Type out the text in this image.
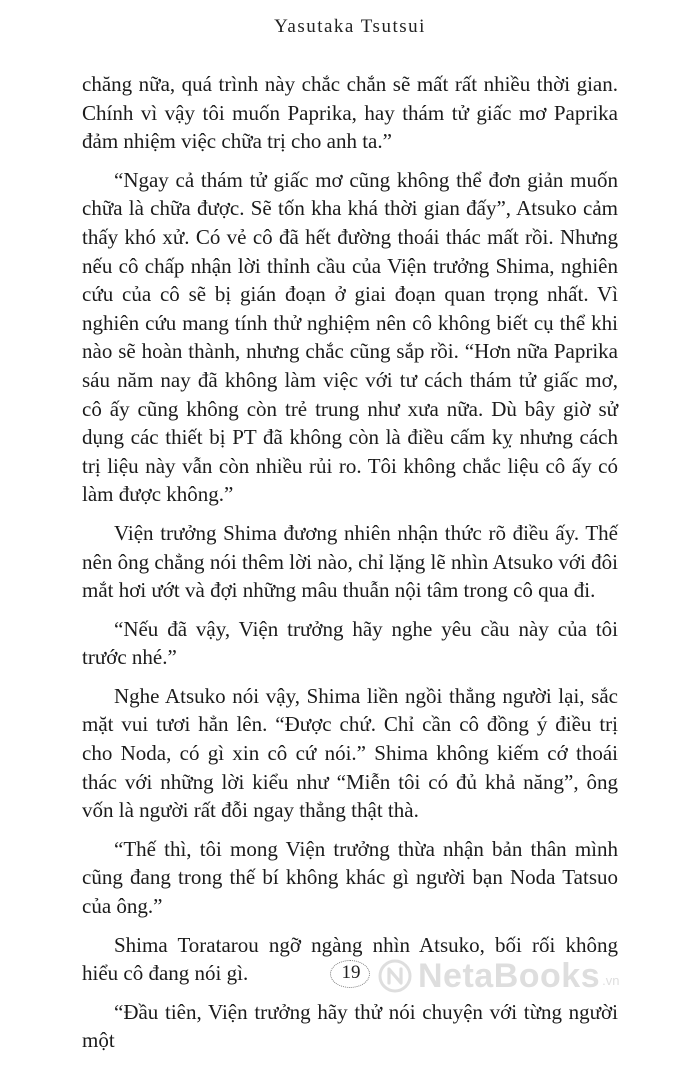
Yasutaka Tsutsui

chăng nữa, quá trình này chắc chắn sẽ mất rất nhiều thời gian. Chính vì vậy tôi muốn Paprika, hay thám tử giấc mơ Paprika đảm nhiệm việc chữa trị cho anh ta.”

“Ngay cả thám tử giấc mơ cũng không thể đơn giản muốn chữa là chữa được. Sẽ tốn kha khá thời gian đấy”, Atsuko cảm thấy khó xử. Có vẻ cô đã hết đường thoái thác mất rồi. Nhưng nếu cô chấp nhận lời thỉnh cầu của Viện trưởng Shima, nghiên cứu của cô sẽ bị gián đoạn ở giai đoạn quan trọng nhất. Vì nghiên cứu mang tính thử nghiệm nên cô không biết cụ thể khi nào sẽ hoàn thành, nhưng chắc cũng sắp rồi. “Hơn nữa Paprika sáu năm nay đã không làm việc với tư cách thám tử giấc mơ, cô ấy cũng không còn trẻ trung như xưa nữa. Dù bây giờ sử dụng các thiết bị PT đã không còn là điều cấm kỵ nhưng cách trị liệu này vẫn còn nhiều rủi ro. Tôi không chắc liệu cô ấy có làm được không.”

Viện trưởng Shima đương nhiên nhận thức rõ điều ấy. Thế nên ông chẳng nói thêm lời nào, chỉ lặng lẽ nhìn Atsuko với đôi mắt hơi ướt và đợi những mâu thuẫn nội tâm trong cô qua đi.

“Nếu đã vậy, Viện trưởng hãy nghe yêu cầu này của tôi trước nhé.”

Nghe Atsuko nói vậy, Shima liền ngồi thẳng người lại, sắc mặt vui tươi hẳn lên. “Được chứ. Chỉ cần cô đồng ý điều trị cho Noda, có gì xin cô cứ nói.” Shima không kiếm cớ thoái thác với những lời kiểu như “Miễn tôi có đủ khả năng”, ông vốn là người rất đỗi ngay thẳng thật thà.

“Thế thì, tôi mong Viện trưởng thừa nhận bản thân mình cũng đang trong thế bí không khác gì người bạn Noda Tatsuo của ông.”

Shima Toratarou ngỡ ngàng nhìn Atsuko, bối rối không hiểu cô đang nói gì.

“Đầu tiên, Viện trưởng hãy thử nói chuyện với từng người một

19	NetaBooks .vn
